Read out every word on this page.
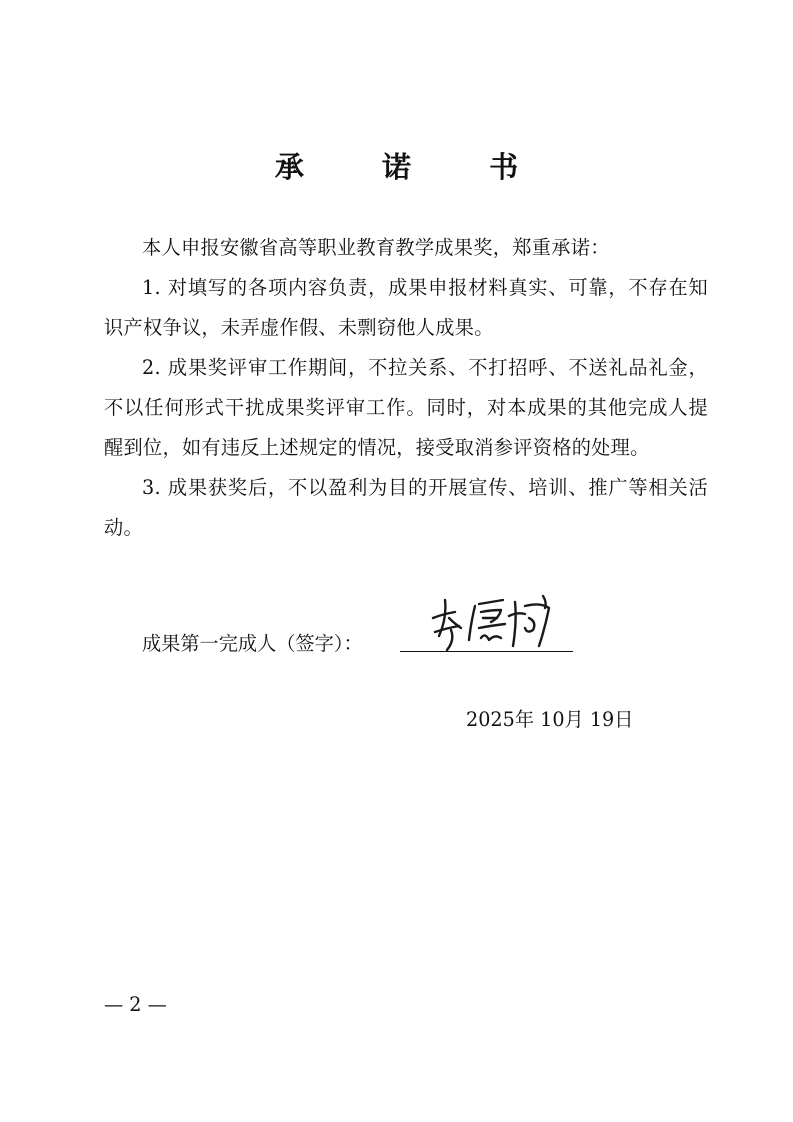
承 诺 书

本人申报安徽省高等职业教育教学成果奖，郑重承诺：

1. 对填写的各项内容负责，成果申报材料真实、可靠，不存在知识产权争议，未弄虚作假、未剽窃他人成果。

2. 成果奖评审工作期间，不拉关系、不打招呼、不送礼品礼金，不以任何形式干扰成果奖评审工作。同时，对本成果的其他完成人提醒到位，如有违反上述规定的情况，接受取消参评资格的处理。

3. 成果获奖后，不以盈利为目的开展宣传、培训、推广等相关活动。

成果第一完成人（签字）：
2025年 10月 19日
— 2 —
